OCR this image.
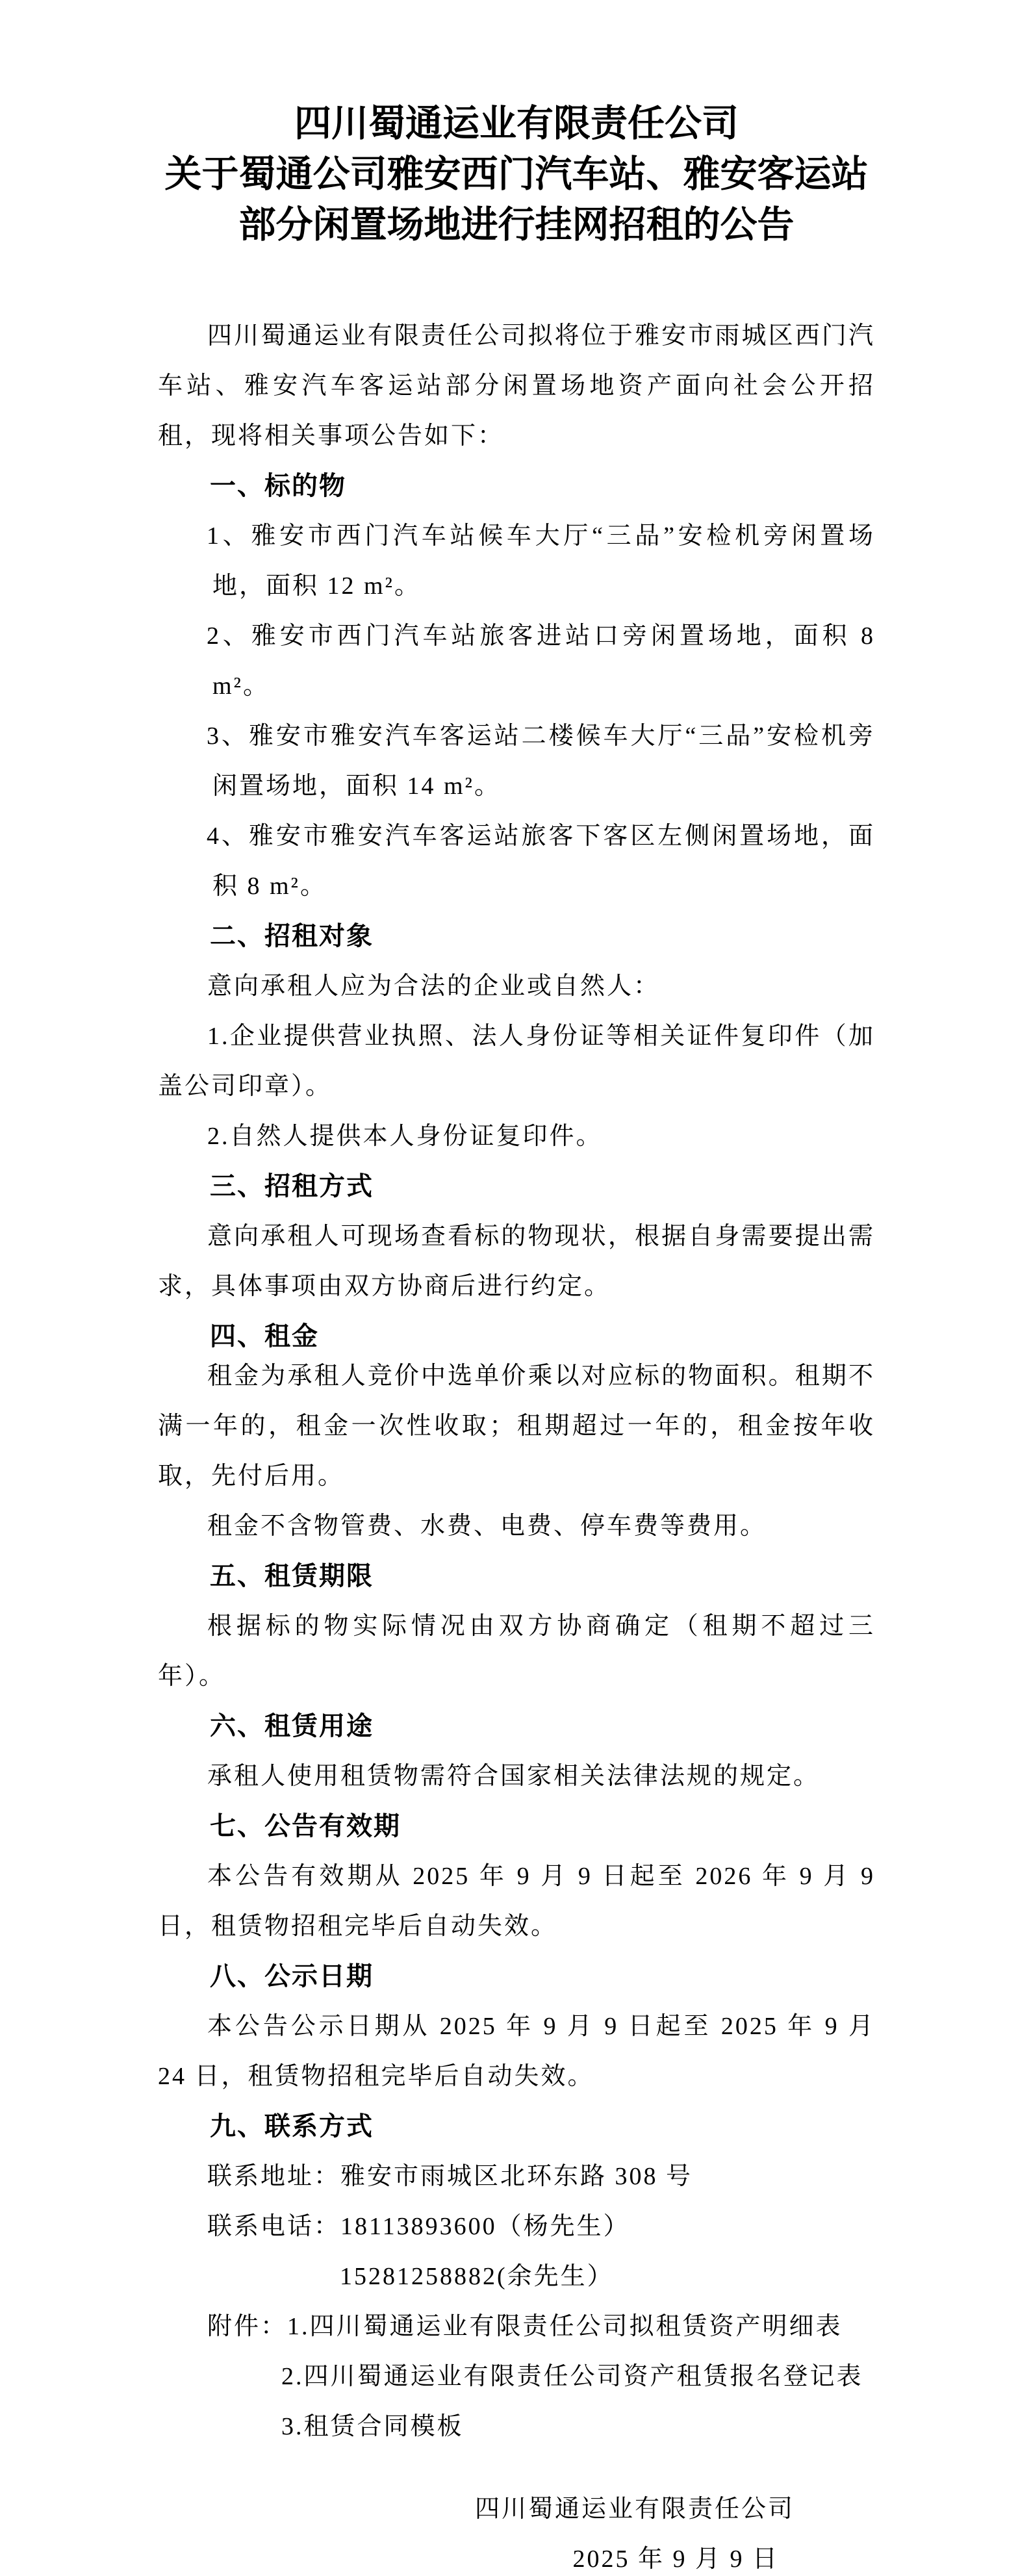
四川蜀通运业有限责任公司
关于蜀通公司雅安西门汽车站、雅安客运站
部分闲置场地进行挂网招租的公告

四川蜀通运业有限责任公司拟将位于雅安市雨城区西门汽车站、雅安汽车客运站部分闲置场地资产面向社会公开招租，现将相关事项公告如下：

一、标的物
1、雅安市西门汽车站候车大厅“三品”安检机旁闲置场地，面积 12 m²。
2、雅安市西门汽车站旅客进站口旁闲置场地，面积 8 m²。
3、雅安市雅安汽车客运站二楼候车大厅“三品”安检机旁闲置场地，面积 14 m²。
4、雅安市雅安汽车客运站旅客下客区左侧闲置场地，面积 8 m²。
二、招租对象

意向承租人应为合法的企业或自然人：

1.企业提供营业执照、法人身份证等相关证件复印件（加盖公司印章）。

2.自然人提供本人身份证复印件。

三、招租方式

意向承租人可现场查看标的物现状，根据自身需要提出需求，具体事项由双方协商后进行约定。

四、租金

租金为承租人竞价中选单价乘以对应标的物面积。租期不满一年的，租金一次性收取；租期超过一年的，租金按年收取，先付后用。

租金不含物管费、水费、电费、停车费等费用。

五、租赁期限

根据标的物实际情况由双方协商确定（租期不超过三年）。

六、租赁用途

承租人使用租赁物需符合国家相关法律法规的规定。

七、公告有效期

本公告有效期从 2025 年 9 月 9 日起至 2026 年 9 月 9 日，租赁物招租完毕后自动失效。

八、公示日期

本公告公示日期从 2025 年 9 月 9 日起至 2025 年 9 月 24 日，租赁物招租完毕后自动失效。

九、联系方式

联系地址：雅安市雨城区北环东路 308 号

联系电话：18113893600（杨先生）

15281258882(余先生）

附件：1.四川蜀通运业有限责任公司拟租赁资产明细表

2.四川蜀通运业有限责任公司资产租赁报名登记表

3.租赁合同模板

四川蜀通运业有限责任公司

2025 年 9 月 9 日
